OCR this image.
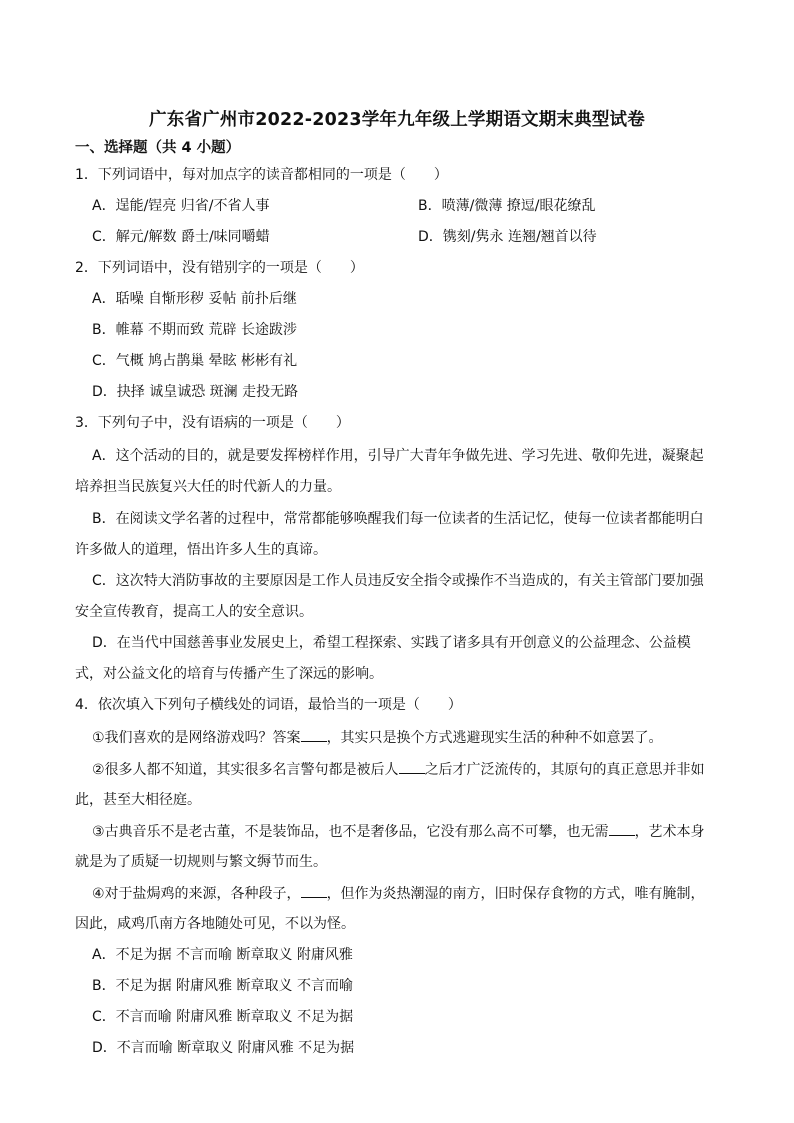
广东省广州市2022-2023学年九年级上学期语文期末典型试卷
一、选择题（共 4 小题）
1．下列词语中，每对加点字的读音都相同的一项是（　　）
A．逞能/锃亮 归省/不省人事	B．喷薄/微薄 撩逗/眼花缭乱
C．解元/解数 爵士/味同嚼蜡	D．镌刻/隽永 连翘/翘首以待
2．下列词语中，没有错别字的一项是（　　）
A．聒噪 自惭形秽 妥帖 前扑后继
B．帷幕 不期而致 荒辟 长途跋涉
C．气概 鸠占鹊巢 晕眩 彬彬有礼
D．抉择 诚皇诚恐 斑澜 走投无路
3．下列句子中，没有语病的一项是（　　）
A．这个活动的目的，就是要发挥榜样作用，引导广大青年争做先进、学习先进、敬仰先进，凝聚起
培养担当民族复兴大任的时代新人的力量。
B．在阅读文学名著的过程中，常常都能够唤醒我们每一位读者的生活记忆，使每一位读者都能明白
许多做人的道理，悟出许多人生的真谛。
C．这次特大消防事故的主要原因是工作人员违反安全指令或操作不当造成的，有关主管部门要加强
安全宣传教育，提高工人的安全意识。
D．在当代中国慈善事业发展史上，希望工程探索、实践了诸多具有开创意义的公益理念、公益模
式，对公益文化的培育与传播产生了深远的影响。
4．依次填入下列句子横线处的词语，最恰当的一项是（　　）
①我们喜欢的是网络游戏吗？答案 ，其实只是换个方式逃避现实生活的种种不如意罢了。
②很多人都不知道，其实很多名言警句都是被后人 之后才广泛流传的，其原句的真正意思并非如
此，甚至大相径庭。
③古典音乐不是老古董，不是装饰品，也不是奢侈品，它没有那么高不可攀，也无需 ，艺术本身
就是为了质疑一切规则与繁文缛节而生。
④对于盐焗鸡的来源，各种段子， ，但作为炎热潮湿的南方，旧时保存食物的方式，唯有腌制，
因此，咸鸡爪南方各地随处可见，不以为怪。
A．不足为据 不言而喻 断章取义 附庸风雅
B．不足为据 附庸风雅 断章取义 不言而喻
C．不言而喻 附庸风雅 断章取义 不足为据
D．不言而喻 断章取义 附庸风雅 不足为据
